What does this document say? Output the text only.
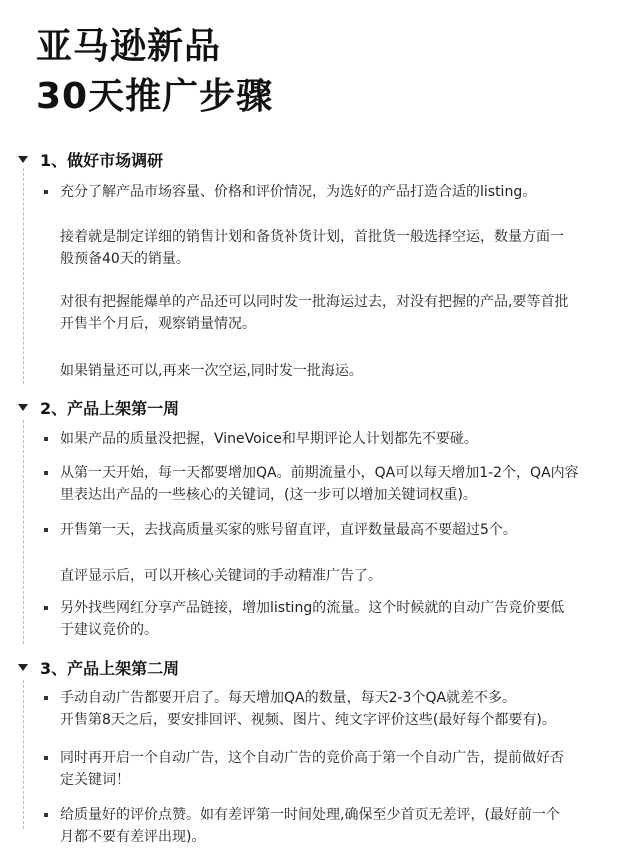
亚马逊新品
30天推广步骤
1、做好市场调研
充分了解产品市场容量、价格和评价情况，为选好的产品打造合适的listing。
接着就是制定详细的销售计划和备货补货计划，首批货一般选择空运，数量方面一
般预备40天的销量。
对很有把握能爆单的产品还可以同时发一批海运过去，对没有把握的产品,要等首批
开售半个月后，观察销量情况。
如果销量还可以,再来一次空运,同时发一批海运。
2、产品上架第一周
如果产品的质量没把握，VineVoice和早期评论人计划都先不要碰。
从第一天开始，每一天都要增加QA。前期流量小，QA可以每天增加1-2个，QA内容
里表达出产品的一些核心的关键词，(这一步可以增加关键词权重)。
开售第一天，去找高质量买家的账号留直评，直评数量最高不要超过5个。
直评显示后，可以开核心关键词的手动精准广告了。
另外找些网红分享产品链接，增加listing的流量。这个时候就的自动广告竞价要低
于建议竞价的。
3、产品上架第二周
手动自动广告都要开启了。每天增加QA的数量，每天2-3个QA就差不多。
开售第8天之后，要安排回评、视频、图片、纯文字评价这些(最好每个都要有)。
同时再开启一个自动广告，这个自动广告的竞价高于第一个自动广告，提前做好否
定关键词！
给质量好的评价点赞。如有差评第一时间处理,确保至少首页无差评，(最好前一个
月都不要有差评出现)。
